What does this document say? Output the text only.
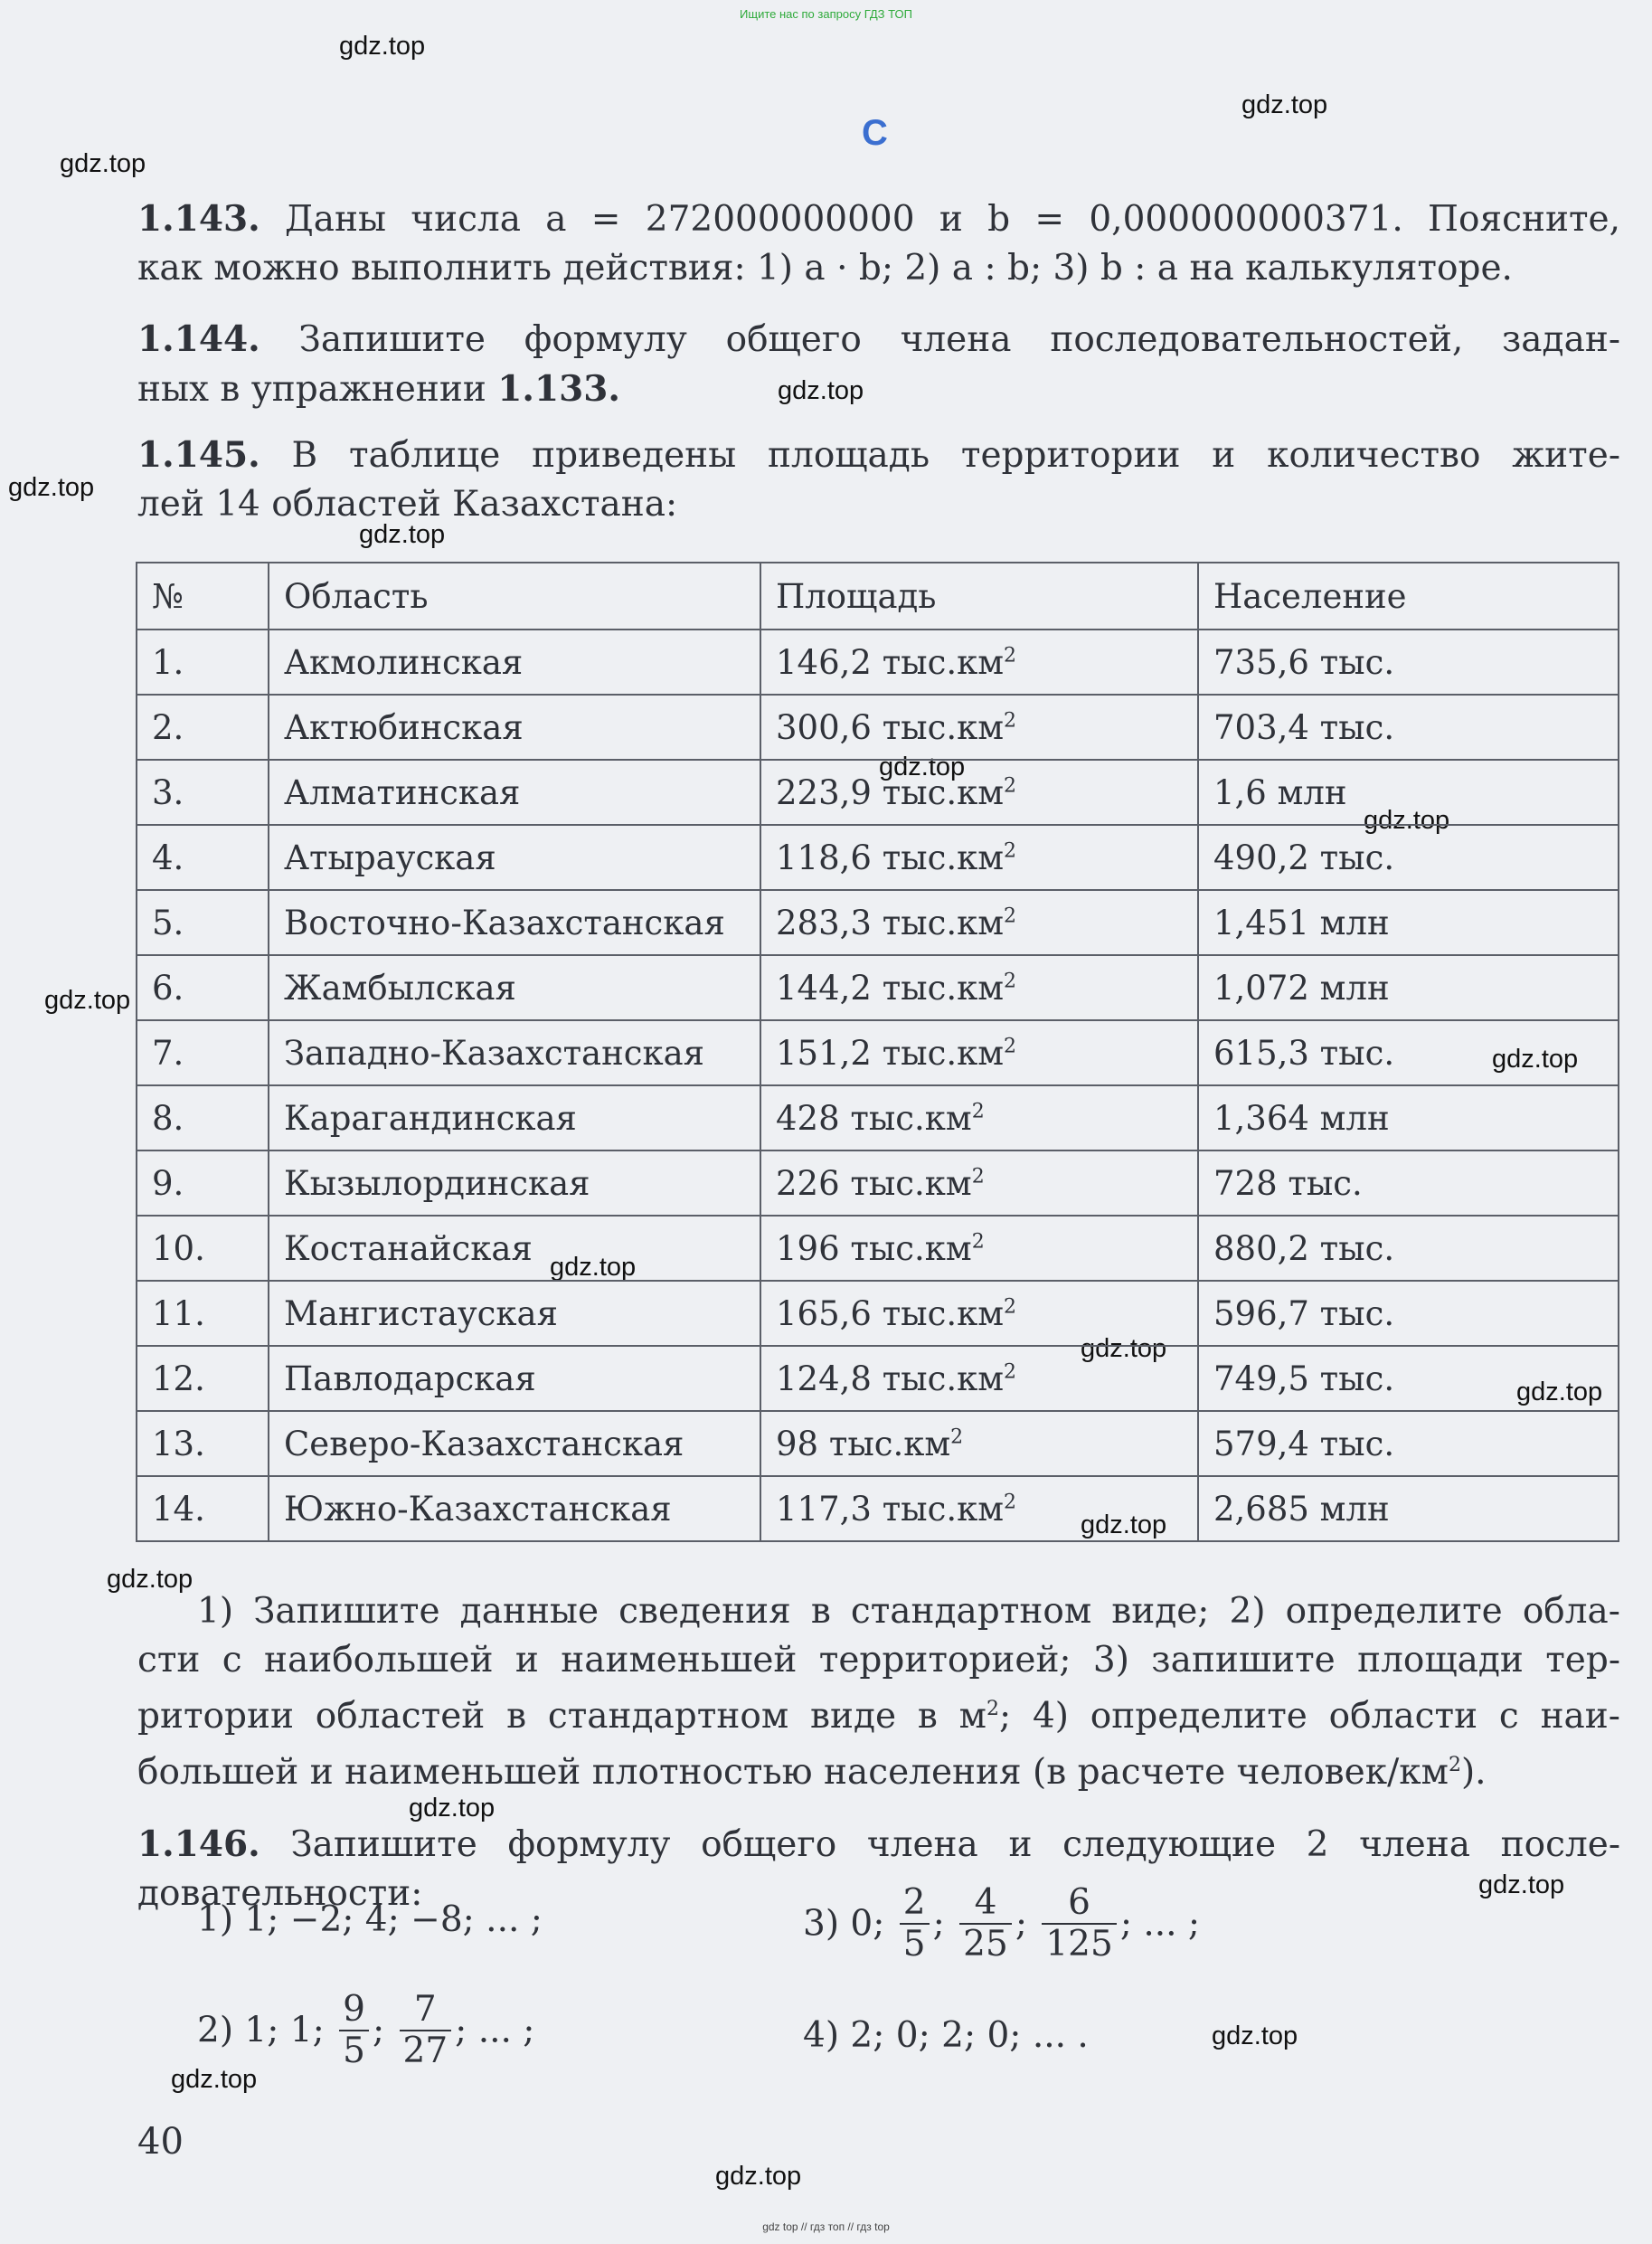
Ищите нас по запросу ГДЗ ТОП
gdz.top
gdz.top
gdz.top
gdz.top
gdz.top
gdz.top
gdz.top
gdz.top
gdz.top
gdz.top
gdz.top
gdz.top
gdz.top
gdz.top
gdz.top
gdz.top
gdz.top
gdz.top
gdz.top
gdz.top
C
1.143. Даны числа a = 272000000000 и b = 0,000000000371. Поясните,
как можно выполнить действия: 1) a · b; 2) a : b; 3) b : a на калькуляторе.
1.144. Запишите формулу общего члена последовательностей, задан-
ных в упражнении 1.133.
1.145. В таблице приведены площадь территории и количество жите-
лей 14 областей Казахстана:
№	Область	Площадь	Население
1.	Акмолинская	146,2 $тыс.км^2$	735,6 тыс.
2.	Актюбинская	300,6 $тыс.км^2$	703,4 тыс.
3.	Алматинская	223,9 $тыс.км^2$	1,6 млн
4.	Атырауская	118,6 $тыс.км^2$	490,2 тыс.
5.	Восточно-Казахстанская	283,3 $тыс.км^2$	1,451 млн
6.	Жамбылская	144,2 $тыс.км^2$	1,072 млн
7.	Западно-Казахстанская	151,2 $тыс.км^2$	615,3 тыс.
8.	Карагандинская	428 $тыс.км^2$	1,364 млн
9.	Кызылординская	226 $тыс.км^2$	728 тыс.
10.	Костанайская	196 $тыс.км^2$	880,2 тыс.
11.	Мангистауская	165,6 $тыс.км^2$	596,7 тыс.
12.	Павлодарская	124,8 $тыс.км^2$	749,5 тыс.
13.	Северо-Казахстанская	98 $тыс.км^2$	579,4 тыс.
14.	Южно-Казахстанская	117,3 $тыс.км^2$	2,685 млн
1) Запишите данные сведения в стандартном виде; 2) определите обла-
сти с наибольшей и наименьшей территорией; 3) запишите площади тер-
ритории областей в стандартном виде в $м^2$; 4) определите области с наи-
большей и наименьшей плотностью населения (в расчете человек/$км^2$).
1.146. Запишите формулу общего члена и следующие 2 члена после-
довательности:
1) 1; −2; 4; −8; ... ;	3) 0; $\frac{2}{5}$ ; $\frac{4}{25}$ ; $\frac{6}{125}$ ; ... ;
2) 1; 1; $\frac{9}{5}$ ; $\frac{7}{27}$ ; ... ;	4) 2; 0; 2; 0; ... .
40
gdz top // гдз топ // гдз top
